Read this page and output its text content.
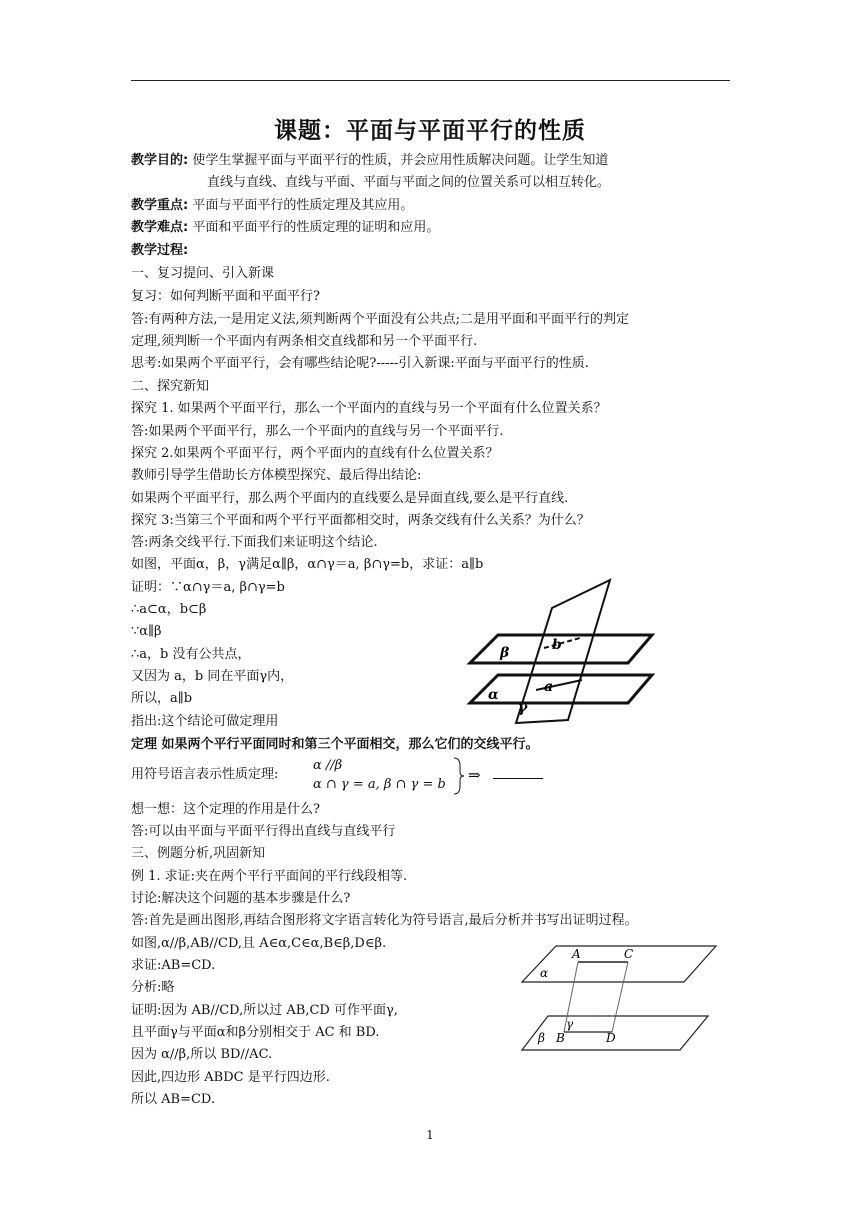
课题：平面与平面平行的性质
教学目的: 使学生掌握平面与平面平行的性质，并会应用性质解决问题。让学生知道
直线与直线、直线与平面、平面与平面之间的位置关系可以相互转化。
教学重点: 平面与平面平行的性质定理及其应用。
教学难点: 平面和平面平行的性质定理的证明和应用。
教学过程:
一、复习提问、引入新课
复习：如何判断平面和平面平行?
答:有两种方法,一是用定义法,须判断两个平面没有公共点;二是用平面和平面平行的判定
定理,须判断一个平面内有两条相交直线都和另一个平面平行.
思考:如果两个平面平行，会有哪些结论呢?-----引入新课:平面与平面平行的性质.
二、探究新知
探究 1. 如果两个平面平行，那么一个平面内的直线与另一个平面有什么位置关系？
答:如果两个平面平行，那么一个平面内的直线与另一个平面平行.
探究 2.如果两个平面平行，两个平面内的直线有什么位置关系？
教师引导学生借助长方体模型探究、最后得出结论:
如果两个平面平行，那么两个平面内的直线要么是异面直线,要么是平行直线.
探究 3:当第三个平面和两个平行平面都相交时，两条交线有什么关系？为什么？
答:两条交线平行.下面我们来证明这个结论.
如图，平面α，β，γ满足α∥β，α∩γ＝a, β∩γ=b，求证：a∥b
证明：∵α∩γ＝a, β∩γ=b
∴a⊂α，b⊂β
∵α∥β
∴a，b 没有公共点，
又因为 a，b 同在平面γ内，
所以，a∥b
指出:这个结论可做定理用
定理 如果两个平行平面同时和第三个平面相交，那么它们的交线平行。
用符号语言表示性质定理:
α //β
α ∩ γ = a, β ∩ γ = b
⇒
想一想：这个定理的作用是什么?
答:可以由平面与平面平行得出直线与直线平行
三、例题分析,巩固新知
例 1. 求证:夹在两个平行平面间的平行线段相等.
讨论:解决这个问题的基本步骤是什么?
答:首先是画出图形,再结合图形将文字语言转化为符号语言,最后分析并书写出证明过程。
如图,α//β,AB//CD,且 A∈α,C∈α,B∈β,D∈β.
求证:AB=CD.
分析:略
证明:因为 AB//CD,所以过 AB,CD 可作平面γ,
且平面γ与平面α和β分别相交于 AC 和 BD.
因为 α//β,所以 BD//AC.
因此,四边形 ABDC 是平行四边形.
所以 AB=CD.
β
α
γ
b
a
A	C
α
γ
β B	D
1
